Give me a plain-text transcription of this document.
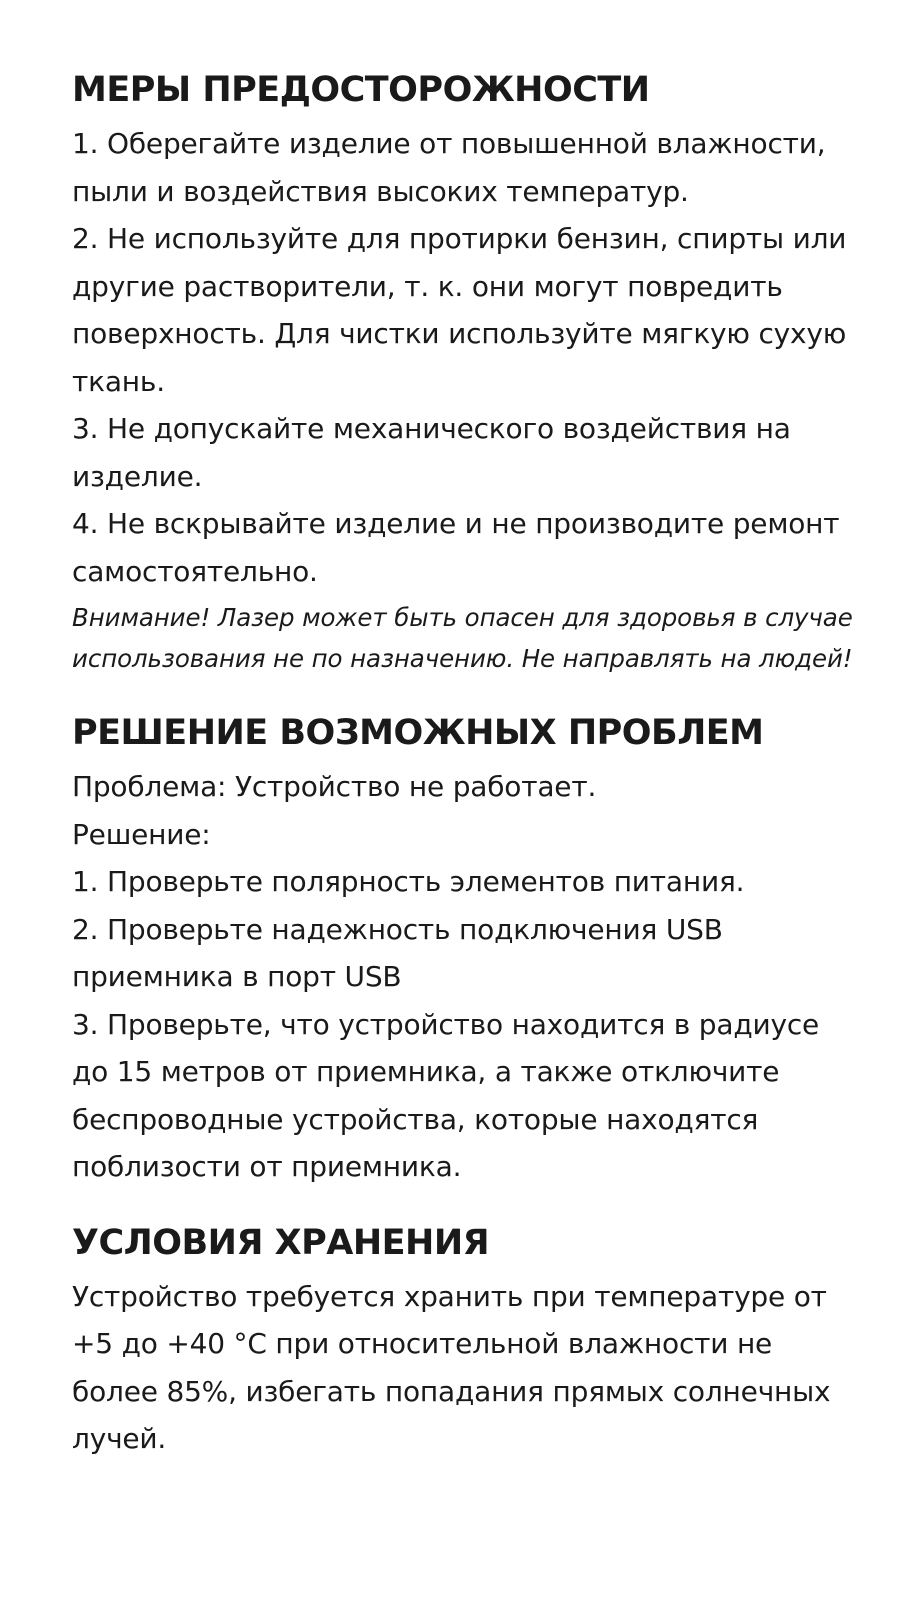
МЕРЫ ПРЕДОСТОРОЖНОСТИ

1. Оберегайте изделие от повышенной влажности, пыли и воздействия высоких температур.

2. Не используйте для протирки бензин, спирты или другие растворители, т. к. они могут повредить поверхность. Для чистки используйте мягкую сухую ткань.

3. Не допускайте механического воздействия на изделие.

4. Не вскрывайте изделие и не производите ремонт самостоятельно.

Внимание! Лазер может быть опасен для здоровья в случае использования не по назначению. Не направлять на людей!

РЕШЕНИЕ ВОЗМОЖНЫХ ПРОБЛЕМ

Проблема: Устройство не работает.

Решение:

1. Проверьте полярность элементов питания.

2. Проверьте надежность подключения USB приемника в порт USB

3. Проверьте, что устройство находится в радиусе до 15 метров от приемника, а также отключите беспроводные устройства, которые находятся поблизости от приемника.

УСЛОВИЯ ХРАНЕНИЯ

Устройство требуется хранить при температуре от +5 до +40 °С при относительной влажности не более 85%, избегать попадания прямых солнечных лучей.
